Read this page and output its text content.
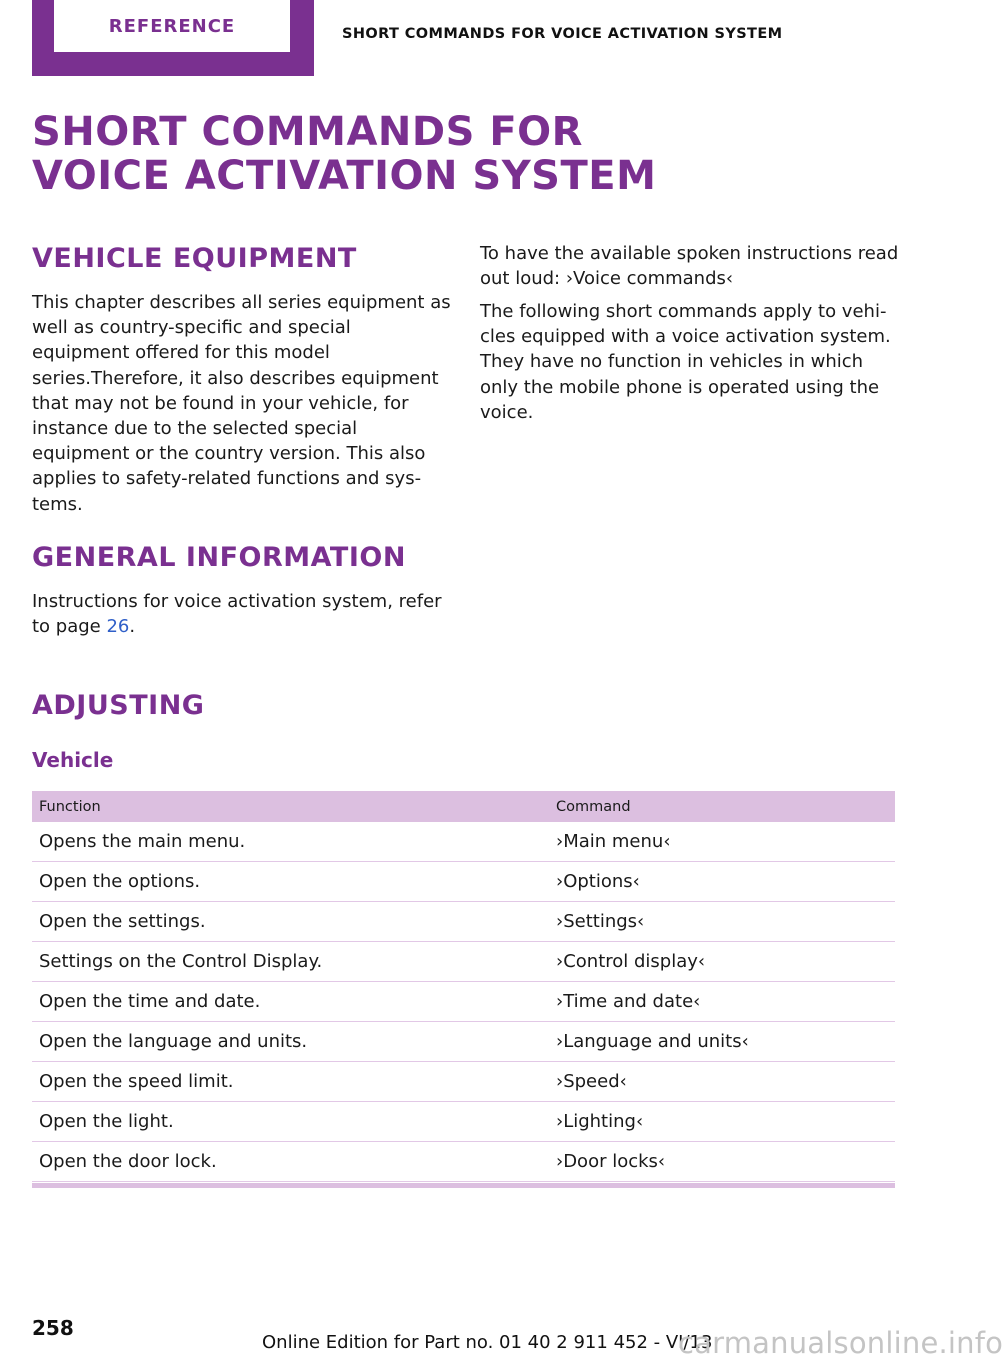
REFERENCE	SHORT COMMANDS FOR VOICE ACTIVATION SYSTEM
SHORT COMMANDS FOR VOICE ACTIVATION SYSTEM
VEHICLE EQUIPMENT

This chapter describes all series equipment as well as country-specific and special equipment offered for this model series.Therefore, it also describes equipment that may not be found in your vehicle, for instance due to the selected special equipment or the country version. This also applies to safety-related functions and sys-tems.

GENERAL INFORMATION

Instructions for voice activation system, refer to page 26.

To have the available spoken instructions read out loud: ›Voice commands‹

The following short commands apply to vehi-cles equipped with a voice activation system. They have no function in vehicles in which only the mobile phone is operated using the voice.

ADJUSTING
Vehicle
Function	Command
Opens the main menu.	›Main menu‹
Open the options.	›Options‹
Open the settings.	›Settings‹
Settings on the Control Display.	›Control display‹
Open the time and date.	›Time and date‹
Open the language and units.	›Language and units‹
Open the speed limit.	›Speed‹
Open the light.	›Lighting‹
Open the door lock.	›Door locks‹
258
Online Edition for Part no. 01 40 2 911 452 - VI/13
carmanualsonline.info
